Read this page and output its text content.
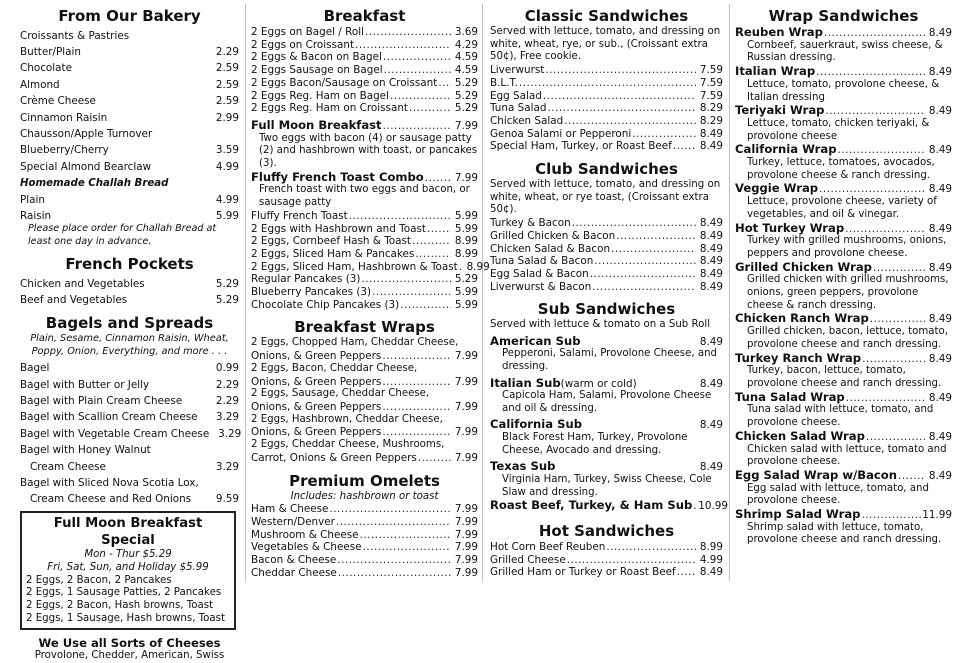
From Our Bakery
Croissants & Pastries
Butter/Plain	2.29
Chocolate	2.59
Almond	2.59
Crème Cheese	2.59
Cinnamon Raisin	2.99
Chausson/Apple Turnover
Blueberry/Cherry	3.59
Special Almond Bearclaw	4.99
Homemade Challah Bread
Plain	4.99
Raisin	5.99
Please place order for Challah Bread at least one day in advance.
French Pockets
Chicken and Vegetables	5.29
Beef and Vegetables	5.29
Bagels and Spreads
Plain, Sesame, Cinnamon Raisin, Wheat, Poppy, Onion, Everything, and more . . .
Bagel	0.99
Bagel with Butter or Jelly	2.29
Bagel with Plain Cream Cheese	2.29
Bagel with Scallion Cream Cheese 3.29
Bagel with Vegetable Cream Cheese 3.29
Bagel with Honey Walnut
Cream Cheese	3.29
Bagel with Sliced Nova Scotia Lox,
Cream Cheese and Red Onions 9.59
Full Moon Breakfast Special
Mon - Thur $5.29
Fri, Sat, Sun, and Holiday $5.99
2 Eggs, 2 Bacon, 2 Pancakes
2 Eggs, 1 Sausage Patties, 2 Pancakes
2 Eggs, 2 Bacon, Hash browns, Toast
2 Eggs, 1 Sausage, Hash browns, Toast
We Use all Sorts of Cheeses
Provolone, Chedder, American, Swiss
Breakfast
2 Eggs on Bagel / Roll .....	3.69
2 Eggs on Croissant .....	4.29
2 Eggs & Bacon on Bagel .....	4.59
2 Eggs Sausage on Bagel .....	4.59
2 Eggs Bacon/Sausage on Croissant ..... 5.29
2 Eggs Reg. Ham on Bagel .....	5.29
2 Eggs Reg. Ham on Croissant .....	5.29
Full Moon Breakfast .....	7.99
Two eggs with bacon (4) or sausage patty (2) and hashbrown with toast, or pancakes (3).
Fluffy French Toast Combo .....	7.99
French toast with two eggs and bacon, or sausage patty
Fluffy French Toast .....	5.99
2 Eggs with Hashbrown and Toast .....	5.99
2 Eggs, Cornbeef Hash & Toast .....	8.99
2 Eggs, Sliced Ham & Pancakes .....	8.99
2 Eggs, Sliced Ham, Hashbrown & Toast ..... 8.99
Regular Pancakes (3) .....	5.29
Blueberry Pancakes (3) .....	5.99
Chocolate Chip Pancakes (3) .....	5.99
Breakfast Wraps
2 Eggs, Chopped Ham, Cheddar Cheese,
Onions, & Green Peppers .....	7.99
2 Eggs, Bacon, Cheddar Cheese,
Onions, & Green Peppers .....	7.99
2 Eggs, Sausage, Cheddar Cheese,
Onions, & Green Peppers .....	7.99
2 Eggs, Hashbrown, Cheddar Cheese,
Onions, & Green Peppers .....	7.99
2 Eggs, Cheddar Cheese, Mushrooms,
Carrot, Onions & Green Peppers .....	7.99
Premium Omelets
Includes: hashbrown or toast
Ham & Cheese .....	7.99
Western/Denver .....	7.99
Mushroom & Cheese .....	7.99
Vegetables & Cheese .....	7.99
Bacon & Cheese .....	7.99
Cheddar Cheese .....	7.99
Classic Sandwiches
Served with lettuce, tomato, and dressing on white, wheat, rye, or sub., (Croissant extra 50¢), Free cookie.
Liverwurst .....	7.59
B.L.T. .....	7.59
Egg Salad .....	7.59
Tuna Salad .....	8.29
Chicken Salad .....	8.29
Genoa Salami or Pepperoni .....	8.49
Special Ham, Turkey, or Roast Beef .....	8.49
Club Sandwiches
Served with lettuce, tomato, and dressing on white, wheat, or rye toast, (Croissant extra 50¢).
Turkey & Bacon .....	8.49
Grilled Chicken & Bacon .....	8.49
Chicken Salad & Bacon .....	8.49
Tuna Salad & Bacon .....	8.49
Egg Salad & Bacon .....	8.49
Liverwurst & Bacon .....	8.49
Sub Sandwiches
Served with lettuce & tomato on a Sub Roll
American Sub	8.49
Pepperoni, Salami, Provolone Cheese, and dressing.
Italian Sub (warm or cold)	8.49
Capicola Ham, Salami, Provolone Cheese and oil & dressing.
California Sub	8.49
Black Forest Ham, Turkey, Provolone Cheese, Avocado and dressing.
Texas Sub	8.49
Virginia Ham, Turkey, Swiss Cheese, Cole Slaw and dressing.
Roast Beef, Turkey, & Ham Sub ..... 10.99
Hot Sandwiches
Hot Corn Beef Reuben .....	8.99
Grilled Cheese .....	4.99
Grilled Ham or Turkey or Roast Beef ..... 8.49
Wrap Sandwiches
Reuben Wrap .....	8.49
Cornbeef, sauerkraut, swiss cheese, & Russian dressing.
Italian Wrap .....	8.49
Lettuce, tomato, provolone cheese, & Italian dressing
Teriyaki Wrap .....	8.49
Lettuce, tomato, chicken teriyaki, & provolone cheese
California Wrap .....	8.49
Turkey, lettuce, tomatoes, avocados, provolone cheese & ranch dressing.
Veggie Wrap .....	8.49
Lettuce, provolone cheese, variety of vegetables, and oil & vinegar.
Hot Turkey Wrap .....	8.49
Turkey with grilled mushrooms, onions, peppers and provolone cheese.
Grilled Chicken Wrap .....	8.49
Grilled chicken with grilled mushrooms, onions, green peppers, provolone cheese & ranch dressing.
Chicken Ranch Wrap .....	8.49
Grilled chicken, bacon, lettuce, tomato, provolone cheese and ranch dressing.
Turkey Ranch Wrap .....	8.49
Turkey, bacon, lettuce, tomato, provolone cheese and ranch dressing.
Tuna Salad Wrap .....	8.49
Tuna salad with lettuce, tomato, and provolone cheese.
Chicken Salad Wrap .....	8.49
Chicken salad with lettuce, tomato and provolone cheese.
Egg Salad Wrap w/Bacon .....	8.49
Egg salad with lettuce, tomato, and provolone cheese.
Shrimp Salad Wrap .....	11.99
Shrimp salad with lettuce, tomato, provolone cheese and ranch dressing.
